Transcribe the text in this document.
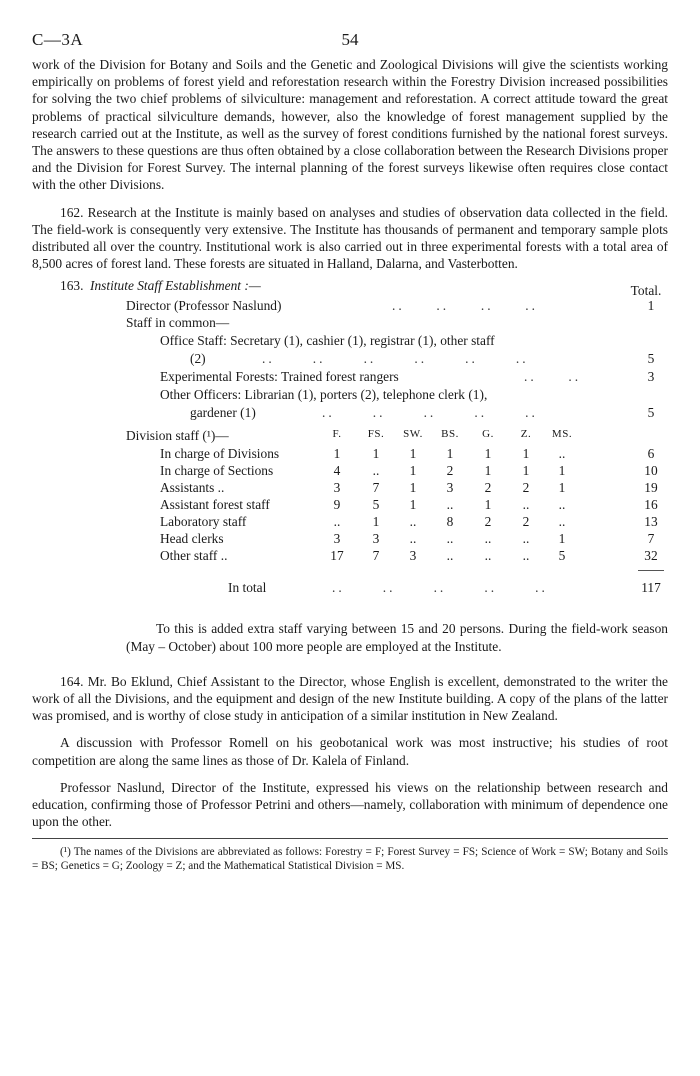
C—3A	54

work of the Division for Botany and Soils and the Genetic and Zoological Divisions will give the scientists working empirically on problems of forest yield and reforestation research within the Forestry Division increased possibilities for solving the two chief problems of silviculture: management and reforestation. A correct attitude toward the great problems of practical silviculture demands, however, also the knowledge of forest management supplied by the research carried out at the Institute, as well as the survey of forest conditions furnished by the national forest surveys. The answers to these questions are thus often obtained by a close collaboration between the Research Divisions proper and the Division for Forest Survey. The internal planning of the forest surveys likewise often requires close contact with the other Divisions.

162. Research at the Institute is mainly based on analyses and studies of observation data collected in the field. The field-work is consequently very extensive. The Institute has thousands of permanent and temporary sample plots distributed all over the country. Institutional work is also carried out in three experimental forests with a total area of 8,500 acres of forest land. These forests are situated in Halland, Dalarna, and Vasterbotten.

163. Institute Staff Establishment :—	Total.
Director (Professor Naslund)	..     ..     ..     ..	1
Staff in common—
Office Staff: Secretary (1), cashier (1), registrar (1), other staff
(2)	..      ..      ..      ..      ..      ..	5
Experimental Forests: Trained forest rangers	..     ..	3
Other Officers: Librarian (1), porters (2), telephone clerk (1),
gardener (1)	..      ..      ..      ..      ..	5
Division staff (¹)—	F.	FS. SW. BS.	G.	Z.	MS.
In charge of Divisions	1	1	1	1	1	1	..	6
In charge of Sections	4	..	1	2	1	1	1	10
Assistants ..	3	7	1	3	2	2	1	19
Assistant forest staff	9	5	1	..	1	..	..	16
Laboratory staff	..	1	..	8	2	2	..	13
Head clerks	3	3	..	..	..	..	1	7
Other staff ..	17	7	3	..	..	..	5	32
In total	..      ..      ..      ..      ..	117

To this is added extra staff varying between 15 and 20 persons. During the field-work season (May – October) about 100 more people are employed at the Institute.

164. Mr. Bo Eklund, Chief Assistant to the Director, whose English is excellent, demonstrated to the writer the work of all the Divisions, and the equipment and design of the new Institute building. A copy of the plans of the latter was promised, and is worthy of close study in anticipation of a similar institution in New Zealand.

A discussion with Professor Romell on his geobotanical work was most instructive; his studies of root competition are along the same lines as those of Dr. Kalela of Finland.

Professor Naslund, Director of the Institute, expressed his views on the relationship between research and education, confirming those of Professor Petrini and others—namely, collaboration with minimum of dependence one upon the other.

(¹) The names of the Divisions are abbreviated as follows: Forestry = F; Forest Survey = FS; Science of Work = SW; Botany and Soils = BS; Genetics = G; Zoology = Z; and the Mathematical Statistical Division = MS.
